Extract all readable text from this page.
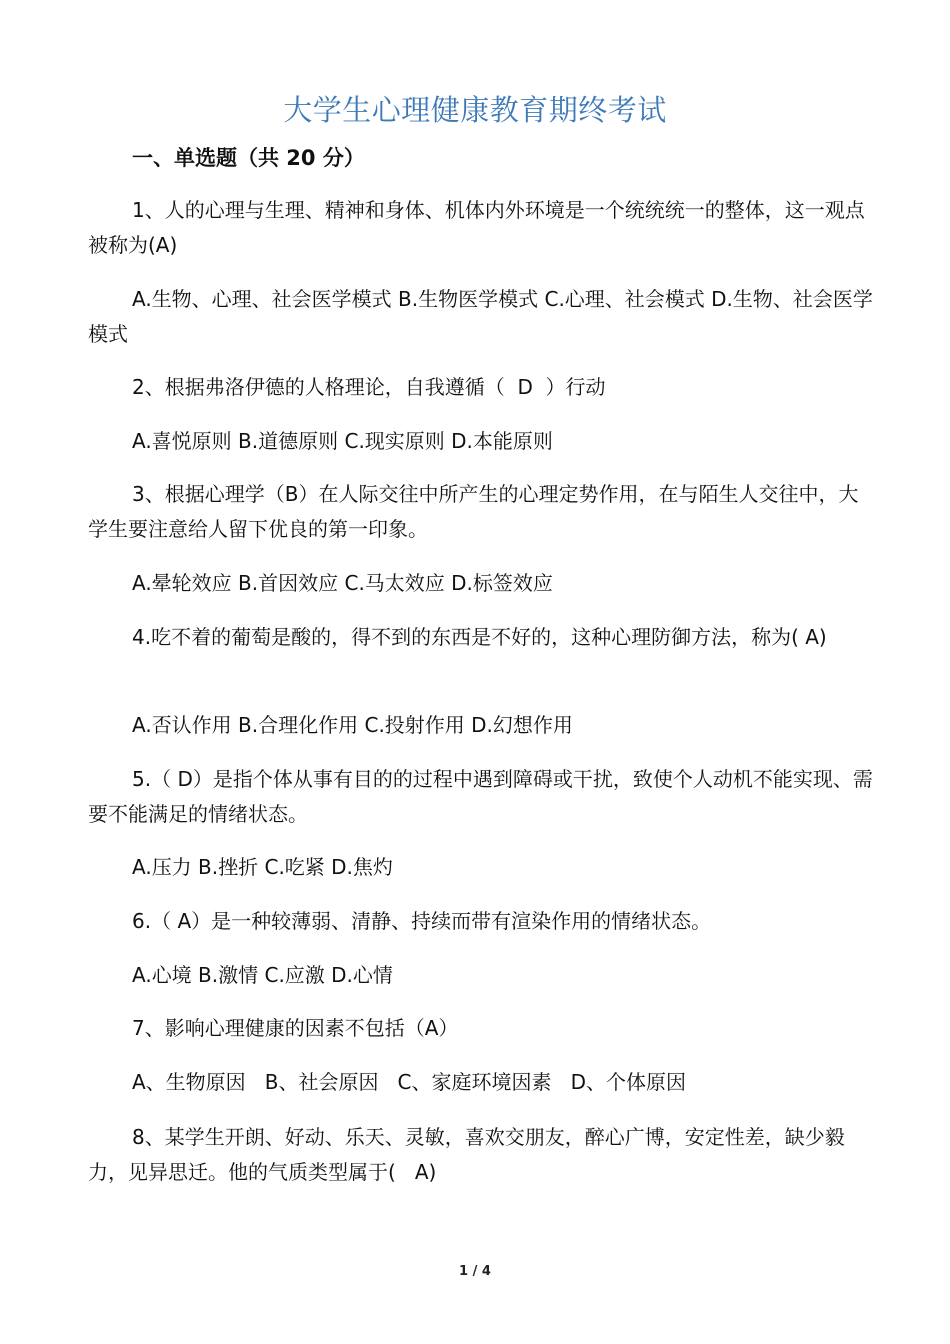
大学生心理健康教育期终考试
一、单选题（共 20 分）

1、人的心理与生理、精神和身体、机体内外环境是一个统统统一的整体，这一观点被称为(A)

A.生物、心理、社会医学模式 B.生物医学模式 C.心理、社会模式 D.生物、社会医学模式

2、根据弗洛伊德的人格理论，自我遵循（  D  ）行动

A.喜悦原则 B.道德原则 C.现实原则 D.本能原则

3、根据心理学（B）在人际交往中所产生的心理定势作用，在与陌生人交往中，大学生要注意给人留下优良的第一印象。

A.晕轮效应 B.首因效应 C.马太效应 D.标签效应

4.吃不着的葡萄是酸的，得不到的东西是不好的，这种心理防御方法，称为( A)

A.否认作用 B.合理化作用 C.投射作用 D.幻想作用

5.（ D）是指个体从事有目的的过程中遇到障碍或干扰，致使个人动机不能实现、需要不能满足的情绪状态。

A.压力 B.挫折 C.吃紧 D.焦灼

6.（ A）是一种较薄弱、清静、持续而带有渲染作用的情绪状态。

A.心境 B.激情 C.应激 D.心情

7、影响心理健康的因素不包括（A）

A、生物原因   B、社会原因   C、家庭环境因素   D、个体原因

8、某学生开朗、好动、乐天、灵敏，喜欢交朋友，醉心广博，安定性差，缺少毅力，见异思迁。他的气质类型属于(   A)

1 / 4
